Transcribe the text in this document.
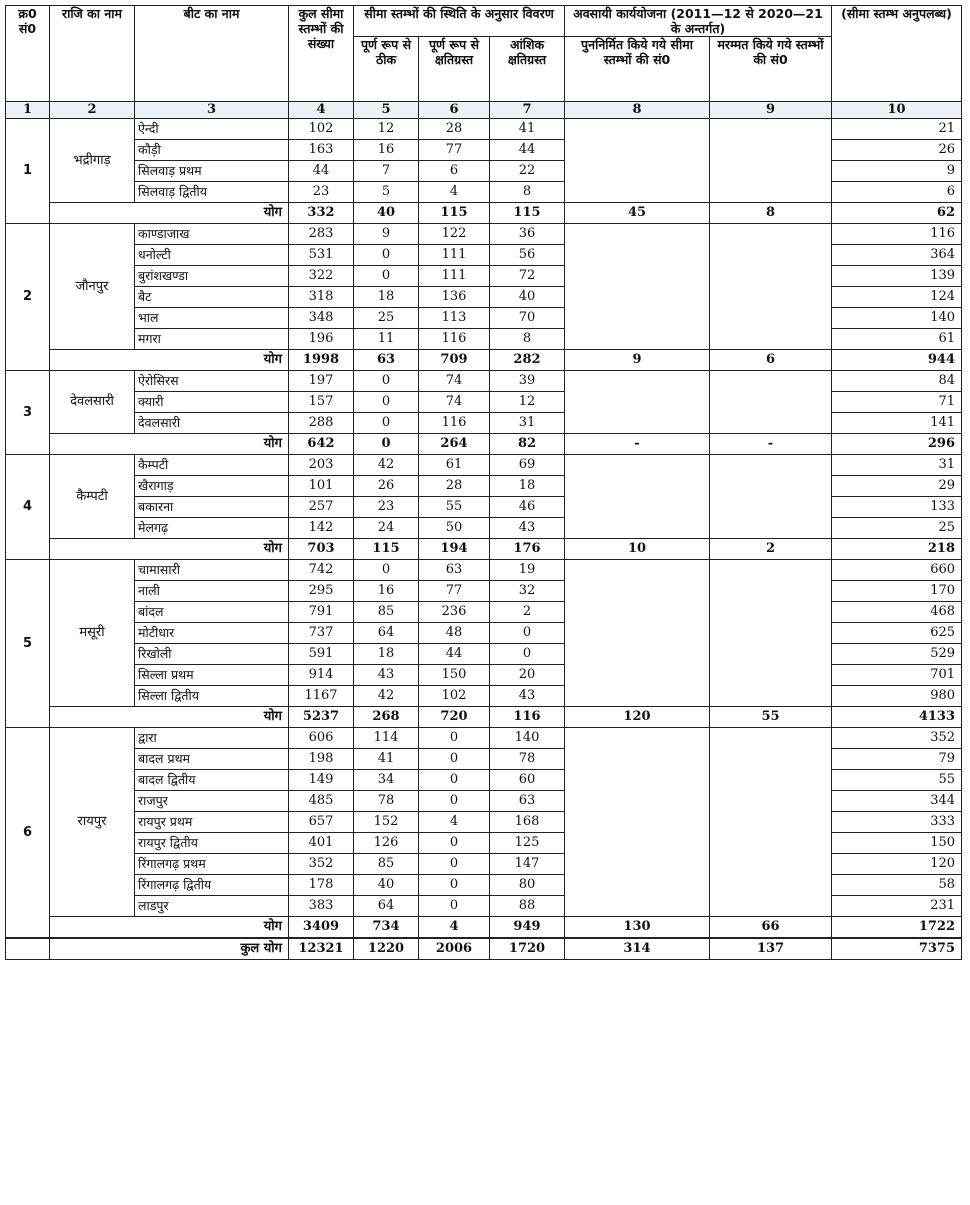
क्र0 सं0	राजि का नाम	बीट का नाम	कुल सीमा स्तम्भों की संख्या	सीमा स्तम्भों की स्थिति के अनुसार विवरण			अवसायी कार्ययोजना (2011—12 से 2020—21 के अन्तर्गत)		(सीमा स्तम्भ अनुपलब्ध)
				पूर्ण रूप से ठीक	पूर्ण रूप से क्षतिग्रस्त	आंशिक क्षतिग्रस्त	पुननिर्मित किये गये सीमा स्तम्भों की सं0	मरम्मत किये गये स्तम्भों की सं0	
1	2	3	4	5	6	7	8	9	10
1	भद्रीगाड़	ऐन्दी	102	12	28	41			21
		कौड़ी	163	16	77	44			26
		सिलवाड़ प्रथम	44	7	6	22			9
		सिलवाड़ द्वितीय	23	5	4	8			6
	योग		332	40	115	115	45	8	62
2	जौनपुर	काण्डाजाख	283	9	122	36			116
		धनोल्टी	531	0	111	56			364
		बुरांशखण्डा	322	0	111	72			139
		बैट	318	18	136	40			124
		भाल	348	25	113	70			140
		मगरा	196	11	116	8			61
	योग		1998	63	709	282	9	6	944
3	देवलसारी	ऐरोसिरस	197	0	74	39			84
		क्यारी	157	0	74	12			71
		देवलसारी	288	0	116	31			141
	योग		642	0	264	82	-	-	296
4	कैम्पटी	कैम्पटी	203	42	61	69			31
		खैरागाड़	101	26	28	18			29
		बकारना	257	23	55	46			133
		मेलगढ़	142	24	50	43			25
	योग		703	115	194	176	10	2	218
5	मसूरी	चामासारी	742	0	63	19			660
		नाली	295	16	77	32			170
		बांदल	791	85	236	2			468
		मोटीधार	737	64	48	0			625
		रिखोली	591	18	44	0			529
		सिल्ला प्रथम	914	43	150	20			701
		सिल्ला द्वितीय	1167	42	102	43			980
	योग		5237	268	720	116	120	55	4133
6	रायपुर	द्वारा	606	114	0	140			352
		बादल प्रथम	198	41	0	78			79
		बादल द्वितीय	149	34	0	60			55
		राजपुर	485	78	0	63			344
		रायपुर प्रथम	657	152	4	168			333
		रायपुर द्वितीय	401	126	0	125			150
		रिंगालगढ़ प्रथम	352	85	0	147			120
		रिंगालगढ़ द्वितीय	178	40	0	80			58
		लाडपुर	383	64	0	88			231
	योग		3409	734	4	949	130	66	1722
	कुल योग		12321	1220	2006	1720	314	137	7375
